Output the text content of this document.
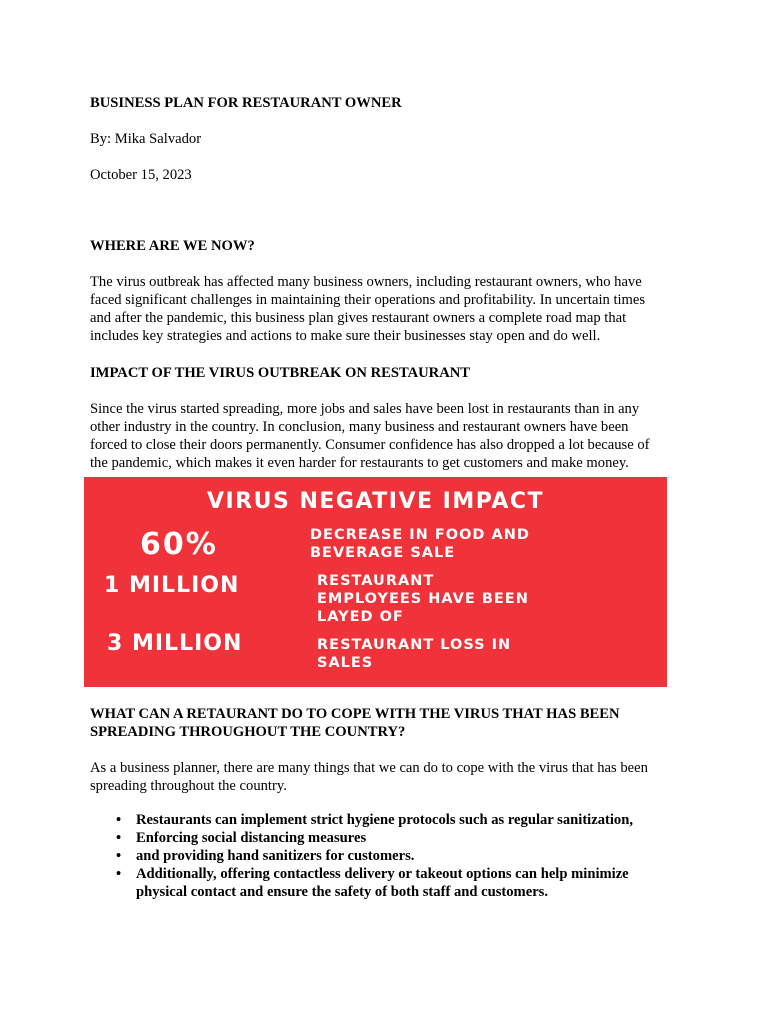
BUSINESS PLAN FOR RESTAURANT OWNER
By: Mika Salvador
October 15, 2023
WHERE ARE WE NOW?
The virus outbreak has affected many business owners, including restaurant owners, who have
faced significant challenges in maintaining their operations and profitability. In uncertain times
and after the pandemic, this business plan gives restaurant owners a complete road map that
includes key strategies and actions to make sure their businesses stay open and do well.
IMPACT OF THE VIRUS OUTBREAK ON RESTAURANT
Since the virus started spreading, more jobs and sales have been lost in restaurants than in any
other industry in the country. In conclusion, many business and restaurant owners have been
forced to close their doors permanently. Consumer confidence has also dropped a lot because of
the pandemic, which makes it even harder for restaurants to get customers and make money.
VIRUS NEGATIVE IMPACT
60%	DECREASE IN FOOD AND
BEVERAGE SALE
1 MILLION	RESTAURANT
EMPLOYEES HAVE BEEN
LAYED OF
3 MILLION	RESTAURANT LOSS IN
SALES
WHAT CAN A RETAURANT DO TO COPE WITH THE VIRUS THAT HAS BEEN
SPREADING THROUGHOUT THE COUNTRY?
As a business planner, there are many things that we can do to cope with the virus that has been
spreading throughout the country.
• Restaurants can implement strict hygiene protocols such as regular sanitization,
• Enforcing social distancing measures
• and providing hand sanitizers for customers.
• Additionally, offering contactless delivery or takeout options can help minimize
physical contact and ensure the safety of both staff and customers.
